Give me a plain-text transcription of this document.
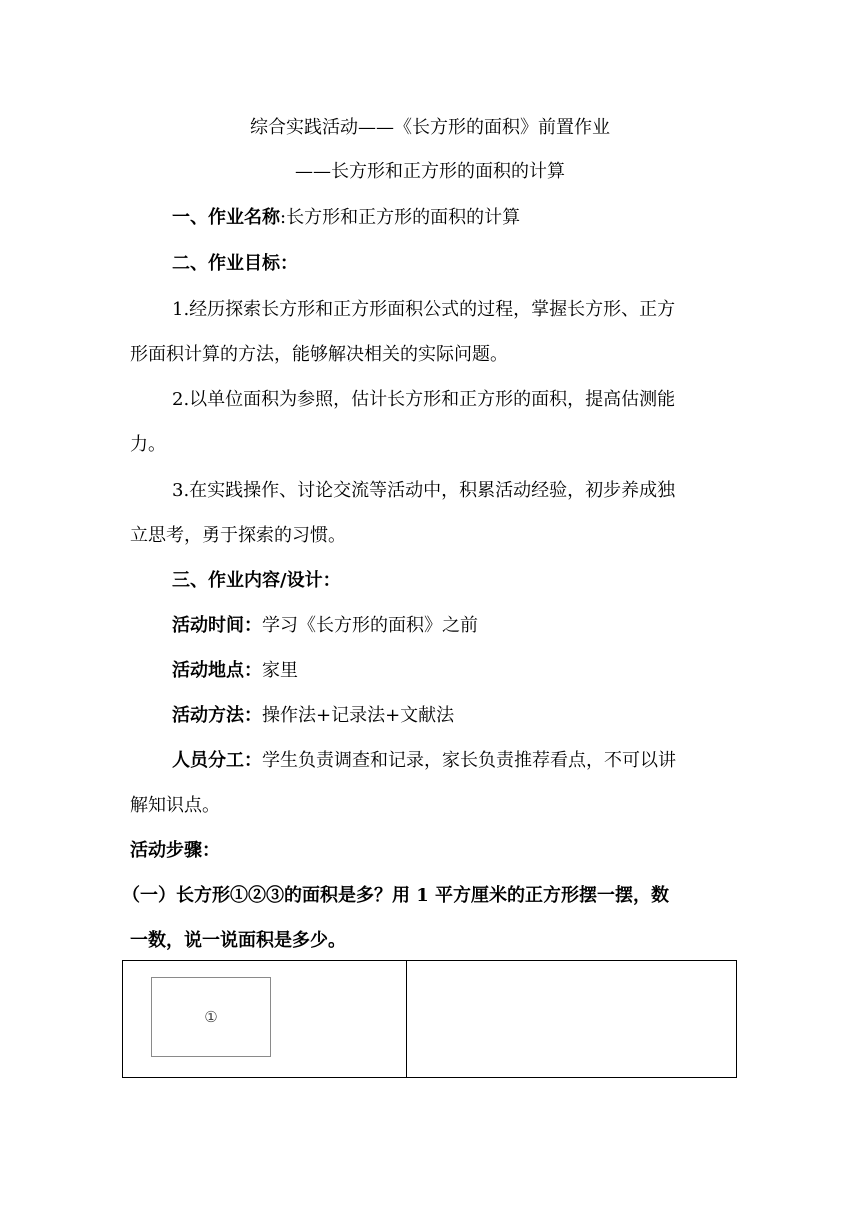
综合实践活动——《长方形的面积》前置作业
——长方形和正方形的面积的计算
一、作业名称:长方形和正方形的面积的计算
二、作业目标：
1.经历探索长方形和正方形面积公式的过程，掌握长方形、正方
形面积计算的方法，能够解决相关的实际问题。
2.以单位面积为参照，估计长方形和正方形的面积，提高估测能
力。
3.在实践操作、讨论交流等活动中，积累活动经验，初步养成独
立思考，勇于探索的习惯。
三、作业内容/设计：
活动时间：学习《长方形的面积》之前
活动地点：家里
活动方法：操作法+记录法+文献法
人员分工：学生负责调查和记录，家长负责推荐看点，不可以讲
解知识点。
活动步骤：
（一）长方形①②③的面积是多？用 1 平方厘米的正方形摆一摆，数
一数，说一说面积是多少。
①
